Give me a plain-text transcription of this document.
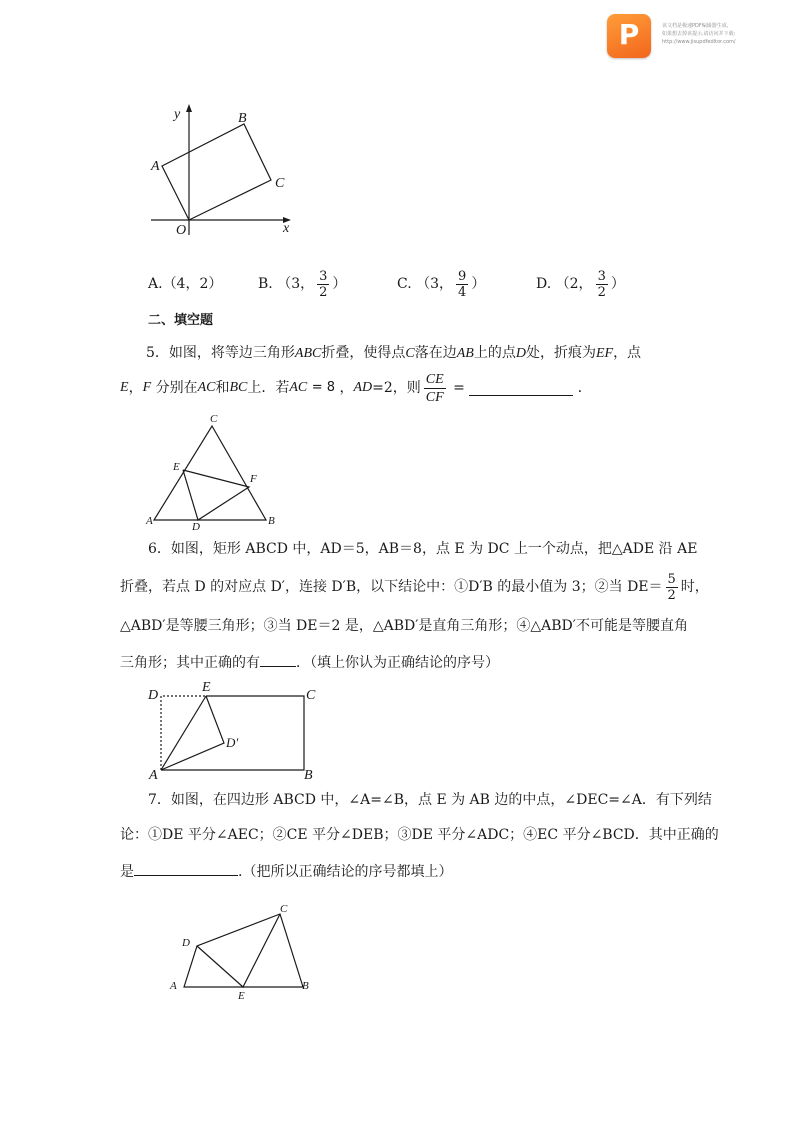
P	该文档是极速PDF编辑器生成,
如果想去掉该提示,请访问并下载:
http://www.jisupdfeditor.com/
y
x
O
A
B
C
A.（4，2）	B.
（3， $\frac{3}{2}$ ）	C.
（3， $\frac{9}{4}$ ）	D.
（2， $\frac{3}{2}$ ）
二、填空题
5．如图，将等边三角形ABC折叠，使得点C落在边AB上的点D处，折痕为EF，点
E ， F
分别在 AC 和 BC 上．若 AC
= 8
， AD =2，则 $\frac{CE}{CF}$
=

	．
C
E
F
A	D	B
6．如图，矩形 ABCD 中，AD＝5，AB＝8，点 E 为 DC 上一个动点，把△ADE 沿 AE
折叠，若点 D 的对应点 D′，连接 D′B，以下结论中：①D′B 的最小值为 3；②当 $DE= \frac{5}{2}$ 时，
△ABD′是等腰三角形；③当 DE＝2 是，△ABD′是直角三角形；④△ABD′不可能是等腰直角
三角形；其中正确的有	．（填上你认为正确结论的序号）
D
E
C
D′
A	B
7．如图，在四边形 ABCD 中，∠A=∠B，点 E 为 AB 边的中点，∠DEC=∠A．有下列结
论：①DE 平分∠AEC；②CE 平分∠DEB；③DE 平分∠ADC；④EC 平分∠BCD．其中正确的
是	.（把所以正确结论的序号都填上）
C
D
A
E
B
